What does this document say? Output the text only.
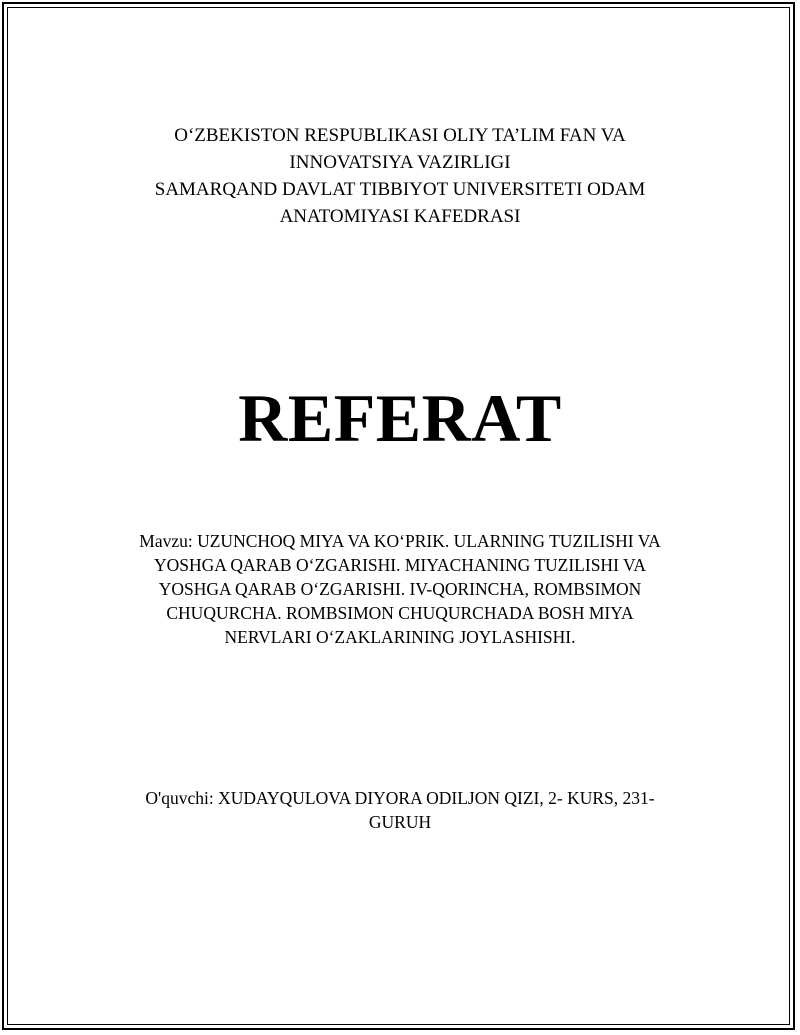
O‘ZBEKISTON RESPUBLIKASI OLIY TA’LIM FAN VA
INNOVATSIYA VAZIRLIGI
SAMARQAND DAVLAT TIBBIYOT UNIVERSITETI ODAM
ANATOMIYASI KAFEDRASI
REFERAT
Mavzu: UZUNCHOQ MIYA VA KO‘PRIK. ULARNING TUZILISHI VA
YOSHGA QARAB O‘ZGARISHI. MIYACHANING TUZILISHI VA
YOSHGA QARAB O‘ZGARISHI. IV-QORINCHA, ROMBSIMON
CHUQURCHA. ROMBSIMON CHUQURCHADA BOSH MIYA
NERVLARI O‘ZAKLARINING JOYLASHISHI.
O'quvchi: XUDAYQULOVA DIYORA ODILJON QIZI, 2- KURS, 231-
GURUH
